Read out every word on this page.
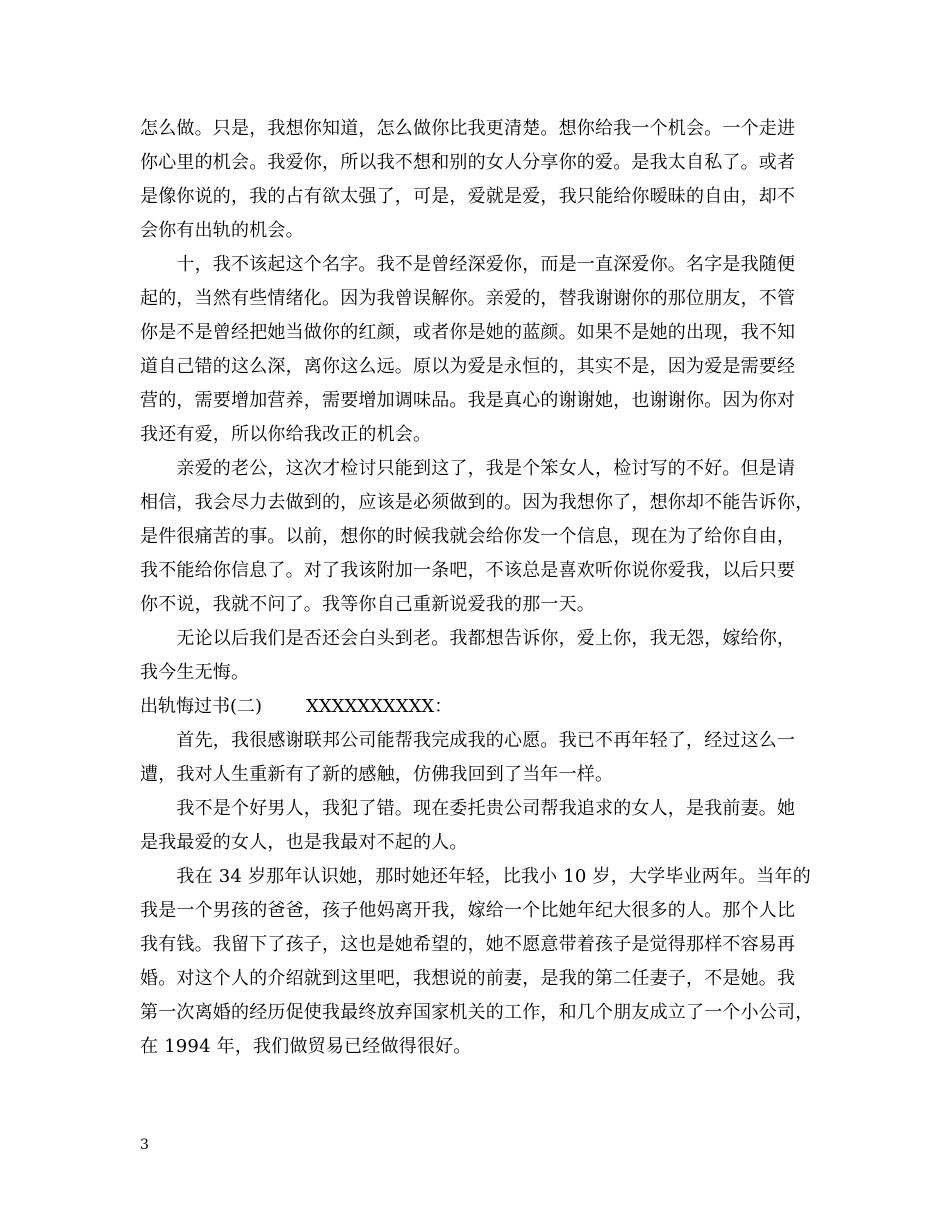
怎么做。只是，我想你知道，怎么做你比我更清楚。想你给我一个机会。一个走进
你心里的机会。我爱你，所以我不想和别的女人分享你的爱。是我太自私了。或者
是像你说的，我的占有欲太强了，可是，爱就是爱，我只能给你暧昧的自由，却不
会你有出轨的机会。
　　十，我不该起这个名字。我不是曾经深爱你，而是一直深爱你。名字是我随便
起的，当然有些情绪化。因为我曾误解你。亲爱的，替我谢谢你的那位朋友，不管
你是不是曾经把她当做你的红颜，或者你是她的蓝颜。如果不是她的出现，我不知
道自己错的这么深，离你这么远。原以为爱是永恒的，其实不是，因为爱是需要经
营的，需要增加营养，需要增加调味品。我是真心的谢谢她，也谢谢你。因为你对
我还有爱，所以你给我改正的机会。
　　亲爱的老公，这次才检讨只能到这了，我是个笨女人，检讨写的不好。但是请
相信，我会尽力去做到的，应该是必须做到的。因为我想你了，想你却不能告诉你，
是件很痛苦的事。以前，想你的时候我就会给你发一个信息，现在为了给你自由，
我不能给你信息了。对了我该附加一条吧，不该总是喜欢听你说你爱我，以后只要
你不说，我就不问了。我等你自己重新说爱我的那一天。
　　无论以后我们是否还会白头到老。我都想告诉你，爱上你，我无怨，嫁给你，
我今生无悔。
出轨悔过书(二) XXXXXXXXXX：
　　首先，我很感谢联邦公司能帮我完成我的心愿。我已不再年轻了，经过这么一
遭，我对人生重新有了新的感触，仿佛我回到了当年一样。
　　我不是个好男人，我犯了错。现在委托贵公司帮我追求的女人，是我前妻。她
是我最爱的女人，也是我最对不起的人。
　　我在 34 岁那年认识她，那时她还年轻，比我小 10 岁，大学毕业两年。当年的
我是一个男孩的爸爸，孩子他妈离开我，嫁给一个比她年纪大很多的人。那个人比
我有钱。我留下了孩子，这也是她希望的，她不愿意带着孩子是觉得那样不容易再
婚。对这个人的介绍就到这里吧，我想说的前妻，是我的第二任妻子，不是她。我
第一次离婚的经历促使我最终放弃国家机关的工作，和几个朋友成立了一个小公司，
在 1994 年，我们做贸易已经做得很好。
3
